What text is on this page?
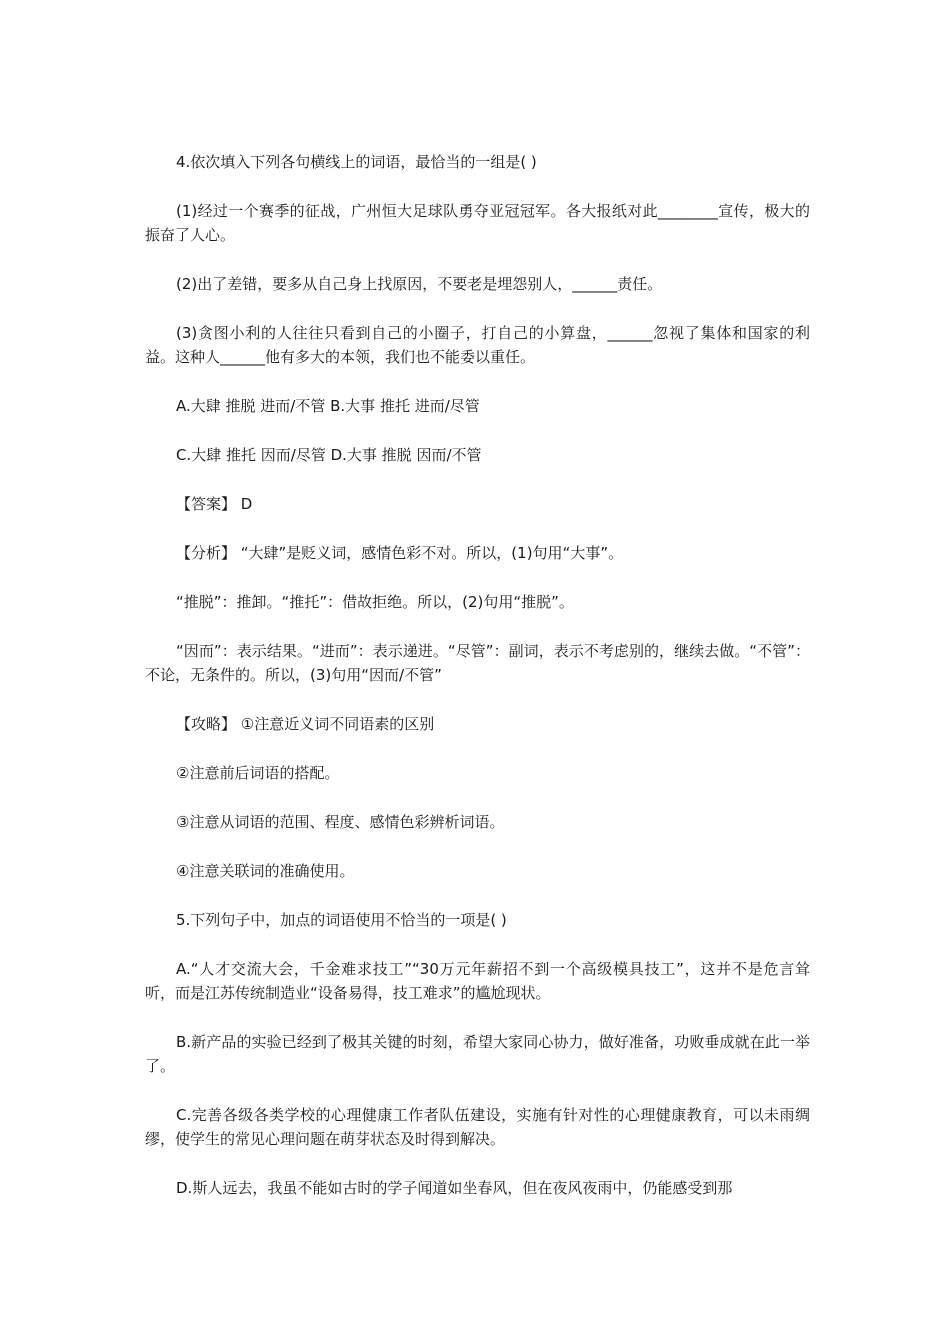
4.依次填入下列各句横线上的词语，最恰当的一组是( )

(1)经过一个赛季的征战，广州恒大足球队勇夺亚冠冠军。各大报纸对此________宣传，极大的振奋了人心。

(2)出了差错，要多从自己身上找原因，不要老是埋怨别人，______责任。

(3)贪图小利的人往往只看到自己的小圈子，打自己的小算盘，______忽视了集体和国家的利益。这种人______他有多大的本领，我们也不能委以重任。

A.大肆 推脱 进而/不管 B.大事 推托 进而/尽管

C.大肆 推托 因而/尽管 D.大事 推脱 因而/不管

【答案】 D

【分析】 “大肆”是贬义词，感情色彩不对。所以，(1)句用“大事”。

“推脱”：推卸。“推托”：借故拒绝。所以，(2)句用“推脱”。

“因而”：表示结果。“进而”：表示递进。“尽管”：副词，表示不考虑别的，继续去做。“不管”：不论，无条件的。所以，(3)句用“因而/不管”

【攻略】 ①注意近义词不同语素的区别

②注意前后词语的搭配。

③注意从词语的范围、程度、感情色彩辨析词语。

④注意关联词的准确使用。

5.下列句子中，加点的词语使用不恰当的一项是( )

A.“人才交流大会，千金难求技工”“30万元年薪招不到一个高级模具技工”，这并不是危言耸听，而是江苏传统制造业“设备易得，技工难求”的尴尬现状。

B.新产品的实验已经到了极其关键的时刻，希望大家同心协力，做好准备，功败垂成就在此一举了。

C.完善各级各类学校的心理健康工作者队伍建设，实施有针对性的心理健康教育，可以未雨绸缪，使学生的常见心理问题在萌芽状态及时得到解决。

D.斯人远去，我虽不能如古时的学子闻道如坐春风，但在夜风夜雨中，仍能感受到那
